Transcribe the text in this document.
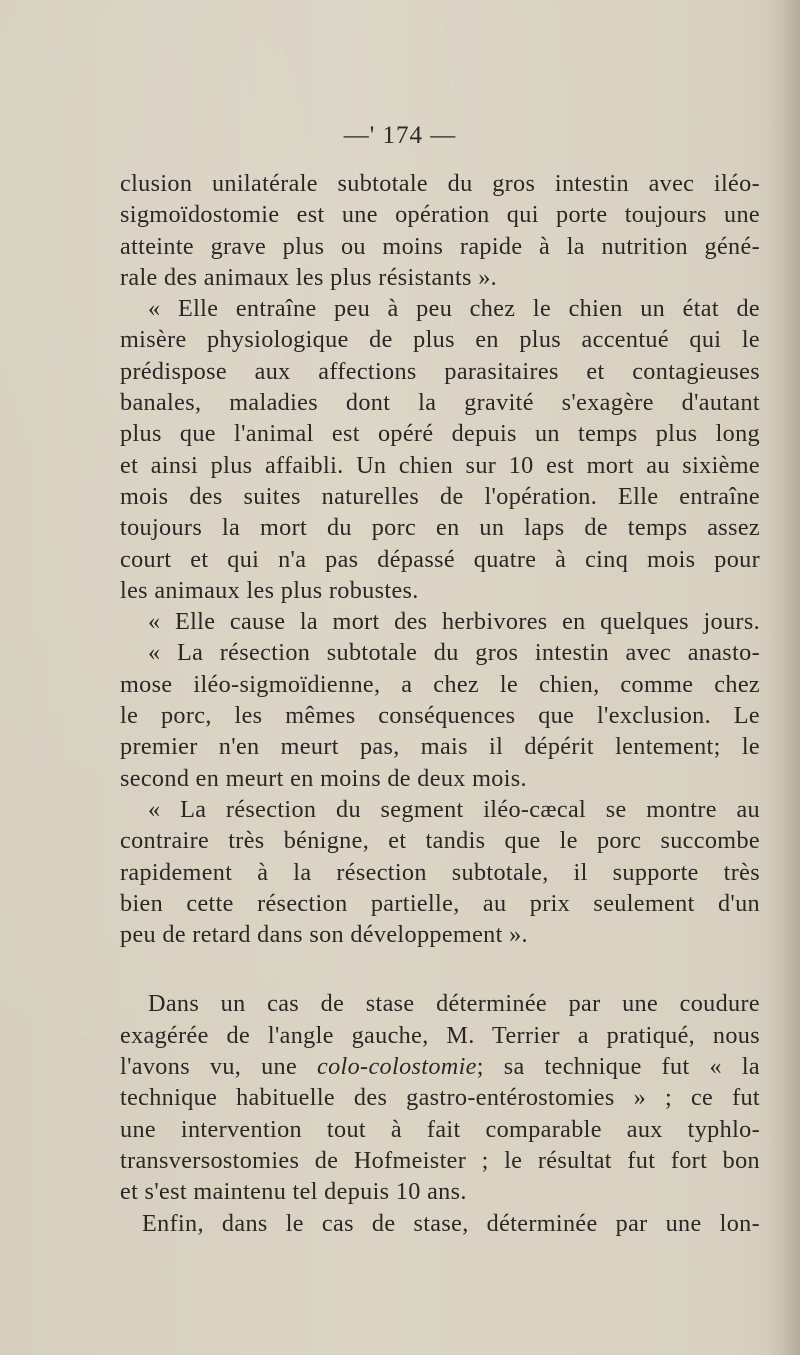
—' 174 —
clusion unilatérale subtotale du gros intestin avec iléo-
sigmoïdostomie est une opération qui porte toujours une
atteinte grave plus ou moins rapide à la nutrition géné-
rale des animaux les plus résistants ».
« Elle entraîne peu à peu chez le chien un état de
misère physiologique de plus en plus accentué qui le
prédispose aux affections parasitaires et contagieuses
banales, maladies dont la gravité s'exagère d'autant
plus que l'animal est opéré depuis un temps plus long
et ainsi plus affaibli. Un chien sur 10 est mort au sixième
mois des suites naturelles de l'opération. Elle entraîne
toujours la mort du porc en un laps de temps assez
court et qui n'a pas dépassé quatre à cinq mois pour
les animaux les plus robustes.
« Elle cause la mort des herbivores en quelques jours.
« La résection subtotale du gros intestin avec anasto-
mose iléo-sigmoïdienne, a chez le chien, comme chez
le porc, les mêmes conséquences que l'exclusion. Le
premier n'en meurt pas, mais il dépérit lentement; le
second en meurt en moins de deux mois.
« La résection du segment iléo-cæcal se montre au
contraire très bénigne, et tandis que le porc succombe
rapidement à la résection subtotale, il supporte très
bien cette résection partielle, au prix seulement d'un
peu de retard dans son développement ».
Dans un cas de stase déterminée par une coudure
exagérée de l'angle gauche, M. Terrier a pratiqué, nous
l'avons vu, une colo-colostomie; sa technique fut « la
technique habituelle des gastro-entérostomies » ; ce fut
une intervention tout à fait comparable aux typhlo-
transversostomies de Hofmeister ; le résultat fut fort bon
et s'est maintenu tel depuis 10 ans.
Enfin, dans le cas de stase, déterminée par une lon-
